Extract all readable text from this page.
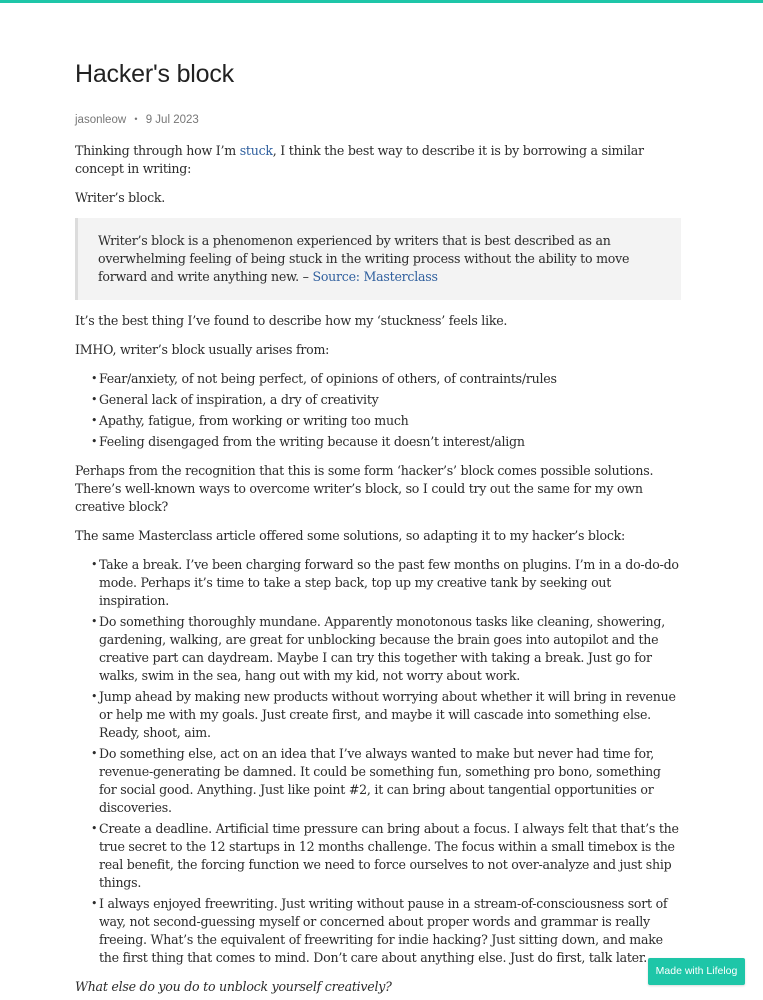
Hacker's block
jasonleow • 9 Jul 2023

Thinking through how I’m stuck, I think the best way to describe it is by borrowing a similar concept in writing:

Writer’s block.

Writer’s block is a phenomenon experienced by writers that is best described as an overwhelming feeling of being stuck in the writing process without the ability to move forward and write anything new. – Source: Masterclass

It’s the best thing I’ve found to describe how my ‘stuckness’ feels like.

IMHO, writer’s block usually arises from:

• Fear/anxiety, of not being perfect, of opinions of others, of contraints/rules
• General lack of inspiration, a dry of creativity
• Apathy, fatigue, from working or writing too much
• Feeling disengaged from the writing because it doesn’t interest/align

Perhaps from the recognition that this is some form ‘hacker’s’ block comes possible solutions. There’s well-known ways to overcome writer’s block, so I could try out the same for my own creative block?

The same Masterclass article offered some solutions, so adapting it to my hacker’s block:

• Take a break. I’ve been charging forward so the past few months on plugins. I’m in a do-do-do mode. Perhaps it’s time to take a step back, top up my creative tank by seeking out inspiration.
• Do something thoroughly mundane. Apparently monotonous tasks like cleaning, showering, gardening, walking, are great for unblocking because the brain goes into autopilot and the creative part can daydream. Maybe I can try this together with taking a break. Just go for walks, swim in the sea, hang out with my kid, not worry about work.
• Jump ahead by making new products without worrying about whether it will bring in revenue or help me with my goals. Just create first, and maybe it will cascade into something else. Ready, shoot, aim.
• Do something else, act on an idea that I’ve always wanted to make but never had time for, revenue-generating be damned. It could be something fun, something pro bono, something for social good. Anything. Just like point #2, it can bring about tangential opportunities or discoveries.
• Create a deadline. Artificial time pressure can bring about a focus. I always felt that that’s the true secret to the 12 startups in 12 months challenge. The focus within a small timebox is the real benefit, the forcing function we need to force ourselves to not over-analyze and just ship things.
• I always enjoyed freewriting. Just writing without pause in a stream-of-consciousness sort of way, not second-guessing myself or concerned about proper words and grammar is really freeing. What’s the equivalent of freewriting for indie hacking? Just sitting down, and make the first thing that comes to mind. Don’t care about anything else. Just do first, talk later.

What else do you do to unblock yourself creatively?

Made with Lifelog
